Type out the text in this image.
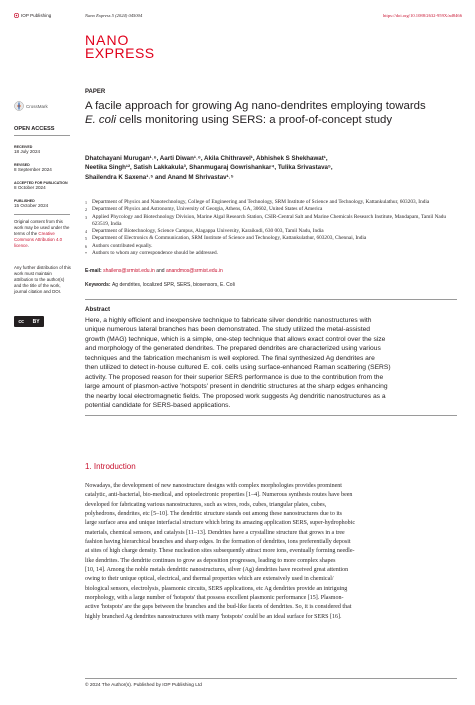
IOP Publishing	Nano Express 5 (2024) 045004	https://doi.org/10.1088/2632-959X/ad8466
NANO
EXPRESS
CrossMark
OPEN ACCESS
RECEIVED
18 July 2024
REVISED
8 September 2024
ACCEPTED FOR PUBLICATION
8 October 2024
PUBLISHED
15 October 2024
Original content from this work may be used under the terms of the Creative Commons Attribution 4.0 licence.
Any further distribution of this work must maintain attribution to the author(s) and the title of the work, journal citation and DOI.
cc BY
PAPER
A facile approach for growing Ag nano-dendrites employing towards
E. coli cells monitoring using SERS: a proof-of-concept study
Dhatchayani Murugan¹˒⁶, Aarti Diwan¹˒⁶, Akila Chithravel¹, Abhishek S Shekhawat¹,
Neetika Singh¹², Satish Lakkakula³, Shanmugaraj Gowrishankar⁴, Tulika Srivastava⁵,
Shailendra K Saxena¹˒⁵ and Anand M Shrivastav¹˒⁵
1 Department of Physics and Nanotechnology, College of Engineering and Technology, SRM Institute of Science and Technology, Kattankulathur, 603203, India
2 Department of Physics and Astronomy, University of Georgia, Athens, GA, 30602, United States of America
3 Applied Phycology and Biotechnology Division, Marine Algal Research Station, CSIR-Central Salt and Marine Chemicals Research Institute, Mandapam, Tamil Nadu 623519, India
4 Department of Biotechnology, Science Campus, Alagappa University, Karaikudi, 630 003, Tamil Nadu, India
5 Department of Electronics & Communication, SRM Institute of Science and Technology, Kattankulathur, 603203, Chennai, India
6 Authors contributed equally.
* Authors to whom any correspondence should be addressed.
E-mail: shailens@srmist.edu.in and anandmos@srmist.edu.in
Keywords: Ag dendrites, localized SPR, SERS, biosensors, E. Coli
Abstract
Here, a highly efficient and inexpensive technique to fabricate silver dendritic nanostructures with
unique numerous lateral branches has been demonstrated. The study utilized the metal-assisted
growth (MAG) technique, which is a simple, one-step technique that allows exact control over the size
and morphology of the generated dendrites. The prepared dendrites are characterized using various
techniques and the fabrication mechanism is well explored. The final synthesized Ag dendrites are
then utilized to detect in-house cultured E. coli. cells using surface-enhanced Raman scattering (SERS)
activity. The proposed reason for their superior SERS performance is due to the contribution from the
large amount of plasmon-active 'hotspots' present in dendritic structures at the sharp edges enhancing
the nearby local electromagnetic fields. The proposed work suggests Ag dendritic nanostructures as a
potential candidate for SERS-based applications.
1. Introduction
Nowadays, the development of new nanostructure designs with complex morphologies provides prominent
catalytic, anti-bacterial, bio-medical, and optoelectronic properties [1–4]. Numerous synthesis routes have been
developed for fabricating various nanostructures, such as wires, rods, cubes, triangular plates, cubes,
polyhedrons, dendrites, etc [5–10]. The dendritic structure stands out among these nanostructures due to its
large surface area and unique interfacial structure which bring its amazing application SERS, super-hydrophobic
materials, chemical sensors, and catalysis [11–13]. Dendrites have a crystalline structure that grows in a tree
fashion having hierarchical branches and sharp edges. In the formation of dendrites, ions preferentially deposit
at sites of high charge density. These nucleation sites subsequently attract more ions, eventually forming needle-
like dendrites. The dendrite continues to grow as deposition progresses, leading to more complex shapes
[10, 14]. Among the noble metals dendritic nanostructures, silver (Ag) dendrites have received great attention
owing to their unique optical, electrical, and thermal properties which are extensively used in chemical/
biological sensors, electrolysis, plasmonic circuits, SERS applications, etc Ag dendrites provide an intriguing
morphology, with a large number of 'hotspots' that possess excellent plasmonic performance [15]. Plasmon-
active 'hotspots' are the gaps between the branches and the bud-like facets of dendrites. So, it is considered that
highly branched Ag dendrites nanostructures with many 'hotspots' could be an ideal surface for SERS [16].
© 2024 The Author(s). Published by IOP Publishing Ltd
